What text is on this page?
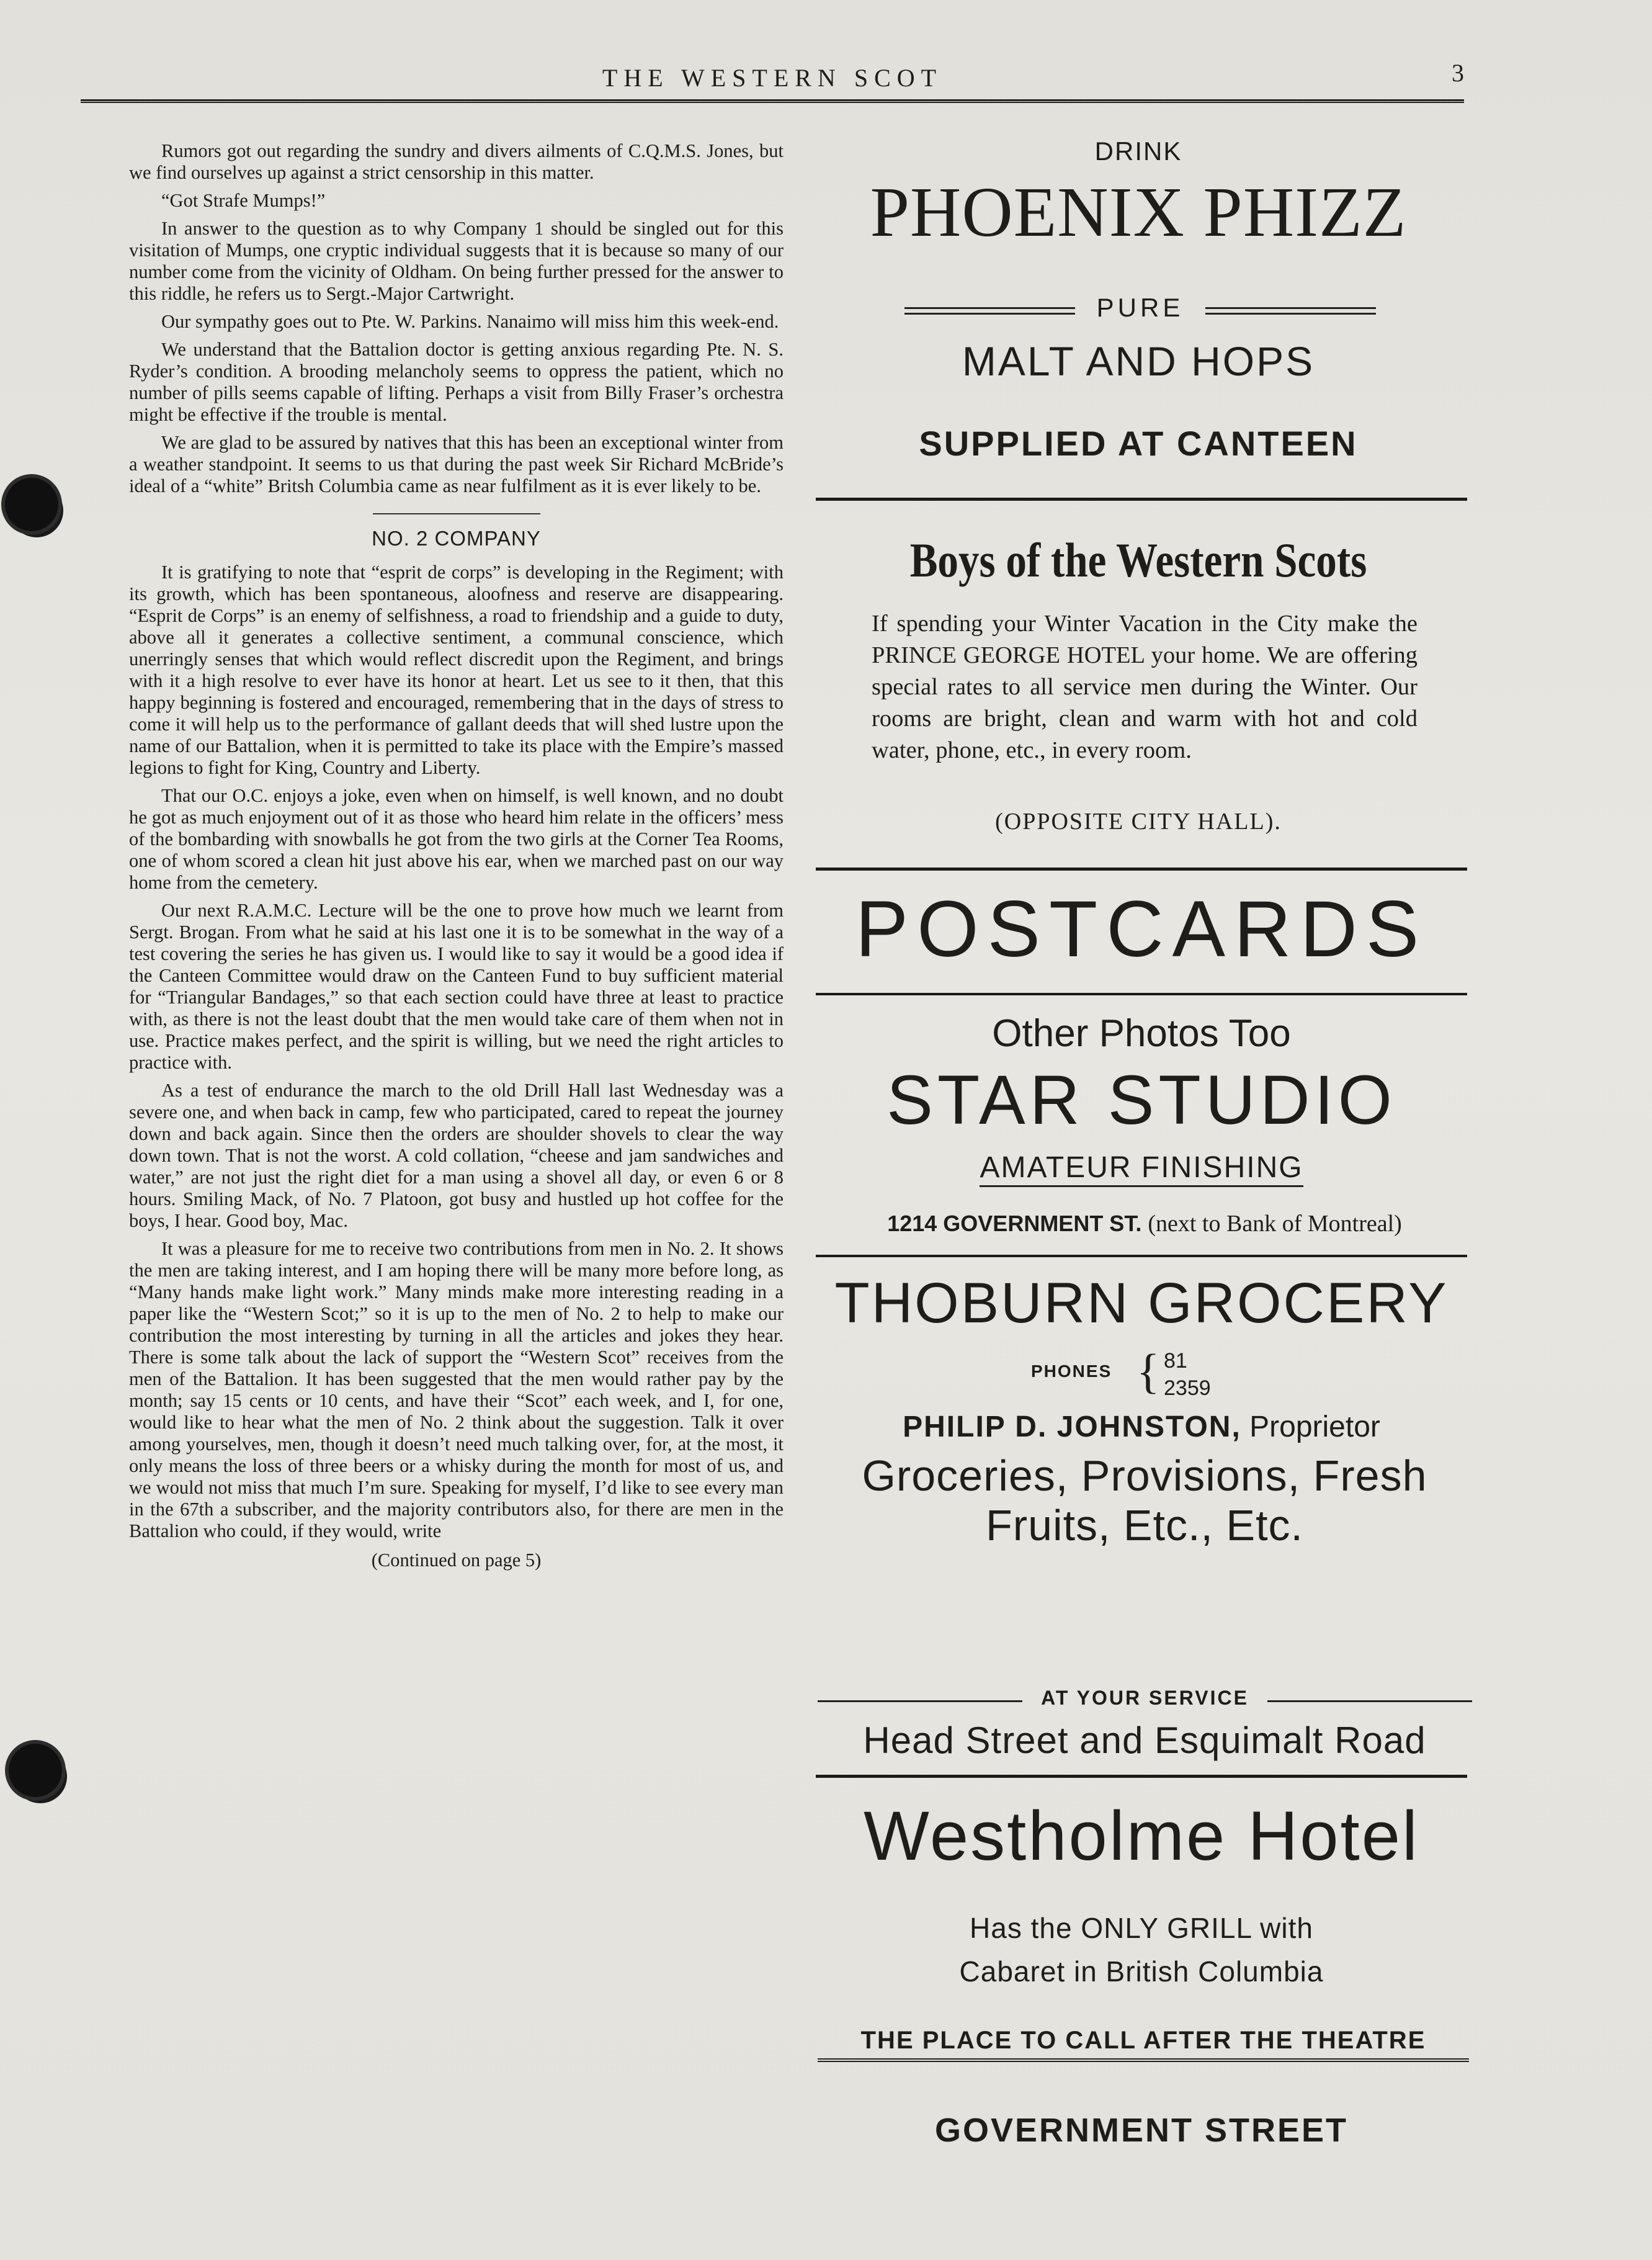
THE WESTERN SCOT	3

Rumors got out regarding the sundry and divers ailments of C.Q.M.S. Jones, but we find ourselves up against a strict censorship in this matter.

“Got Strafe Mumps!”

In answer to the question as to why Company 1 should be singled out for this visitation of Mumps, one cryptic individual suggests that it is because so many of our number come from the vicinity of Oldham. On being further pressed for the answer to this riddle, he refers us to Sergt.-Major Cartwright.

Our sympathy goes out to Pte. W. Parkins. Nanaimo will miss him this week-end.

We understand that the Battalion doctor is getting anxious regarding Pte. N. S. Ryder’s condition. A brooding melancholy seems to oppress the patient, which no number of pills seems capable of lifting. Perhaps a visit from Billy Fraser’s orchestra might be effective if the trouble is mental.

We are glad to be assured by natives that this has been an exceptional winter from a weather standpoint. It seems to us that during the past week Sir Richard McBride’s ideal of a “white” Britsh Columbia came as near fulfilment as it is ever likely to be.

NO. 2 COMPANY

It is gratifying to note that “esprit de corps” is developing in the Regiment; with its growth, which has been spontaneous, aloofness and reserve are disappearing. “Esprit de Corps” is an enemy of selfishness, a road to friendship and a guide to duty, above all it generates a collective sentiment, a communal conscience, which unerringly senses that which would reflect discredit upon the Regiment, and brings with it a high resolve to ever have its honor at heart. Let us see to it then, that this happy beginning is fostered and encouraged, remembering that in the days of stress to come it will help us to the performance of gallant deeds that will shed lustre upon the name of our Battalion, when it is permitted to take its place with the Empire’s massed legions to fight for King, Country and Liberty.

That our O.C. enjoys a joke, even when on himself, is well known, and no doubt he got as much enjoyment out of it as those who heard him relate in the officers’ mess of the bombarding with snowballs he got from the two girls at the Corner Tea Rooms, one of whom scored a clean hit just above his ear, when we marched past on our way home from the cemetery.

Our next R.A.M.C. Lecture will be the one to prove how much we learnt from Sergt. Brogan. From what he said at his last one it is to be somewhat in the way of a test covering the series he has given us. I would like to say it would be a good idea if the Canteen Committee would draw on the Canteen Fund to buy sufficient material for “Triangular Bandages,” so that each section could have three at least to practice with, as there is not the least doubt that the men would take care of them when not in use. Practice makes perfect, and the spirit is willing, but we need the right articles to practice with.

As a test of endurance the march to the old Drill Hall last Wednesday was a severe one, and when back in camp, few who participated, cared to repeat the journey down and back again. Since then the orders are shoulder shovels to clear the way down town. That is not the worst. A cold collation, “cheese and jam sandwiches and water,” are not just the right diet for a man using a shovel all day, or even 6 or 8 hours. Smiling Mack, of No. 7 Platoon, got busy and hustled up hot coffee for the boys, I hear. Good boy, Mac.

It was a pleasure for me to receive two contributions from men in No. 2. It shows the men are taking interest, and I am hoping there will be many more before long, as “Many hands make light work.” Many minds make more interesting reading in a paper like the “Western Scot;” so it is up to the men of No. 2 to help to make our contribution the most interesting by turning in all the articles and jokes they hear. There is some talk about the lack of support the “Western Scot” receives from the men of the Battalion. It has been suggested that the men would rather pay by the month; say 15 cents or 10 cents, and have their “Scot” each week, and I, for one, would like to hear what the men of No. 2 think about the suggestion. Talk it over among yourselves, men, though it doesn’t need much talking over, for, at the most, it only means the loss of three beers or a whisky during the month for most of us, and we would not miss that much I’m sure. Speaking for myself, I’d like to see every man in the 67th a subscriber, and the majority contributors also, for there are men in the Battalion who could, if they would, write

(Continued on page 5)

DRINK
PHOENIX PHIZZ
PURE
MALT AND HOPS
SUPPLIED AT CANTEEN
Boys of the Western Scots
If spending your Winter Vacation in the City make the PRINCE GEORGE HOTEL your home. We are offering special rates to all service men during the Winter. Our rooms are bright, clean and warm with hot and cold water, phone, etc., in every room.
(OPPOSITE CITY HALL).
POSTCARDS
Other Photos Too
STAR STUDIO
AMATEUR FINISHING
1214 GOVERNMENT ST. (next to Bank of Montreal)
THOBURN GROCERY
PHONES { 81
2359
PHILIP D. JOHNSTON, Proprietor
Groceries, Provisions, Fresh
Fruits, Etc., Etc.
AT YOUR SERVICE
Head Street and Esquimalt Road
Westholme Hotel
Has the ONLY GRILL with
Cabaret in British Columbia
THE PLACE TO CALL AFTER THE THEATRE
GOVERNMENT STREET
